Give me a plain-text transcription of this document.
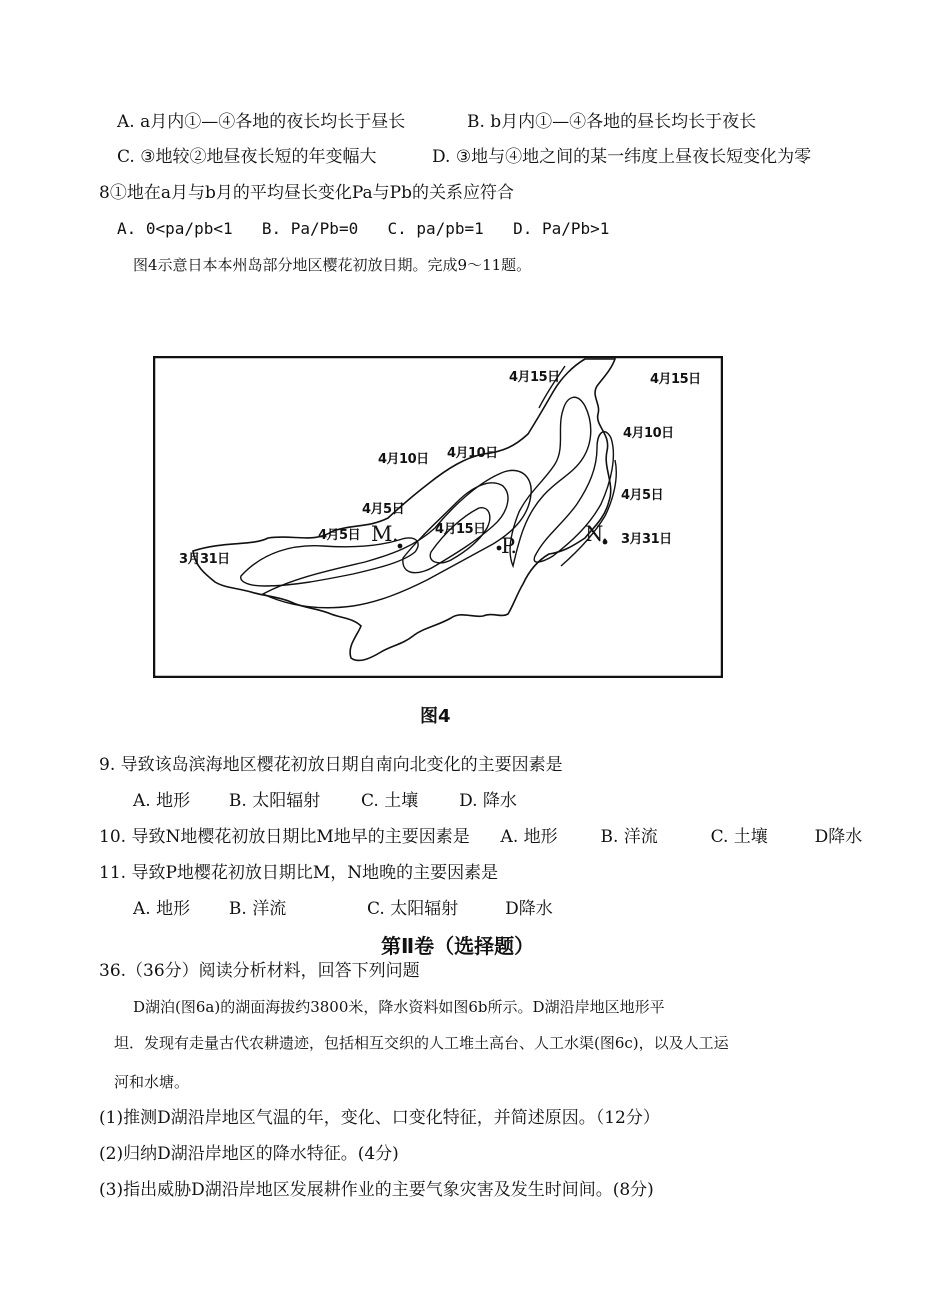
A. a月内①—④各地的夜长均长于昼长	B. b月内①—④各地的昼长均长于夜长
C. ③地较②地昼夜长短的年变幅大	D. ③地与④地之间的某一纬度上昼夜长短变化为零
8①地在a月与b月的平均昼长变化Pa与Pb的关系应符合
A. 0<pa/pb<1 B. Pa/Pb=0 C. pa/pb=1 D. Pa/Pb>1
图4示意日本本州岛部分地区樱花初放日期。完成9～11题。
4月15日	4月15日
4月10日
4月10日 4月10日
4月5日
4月5日
4月5日	4月15日
3月31日
3月31日
M.	P.	N.
图4
9. 导致该岛滨海地区樱花初放日期自南向北变化的主要因素是
A. 地形 B. 太阳辐射 C. 土壤 D. 降水
10. 导致N地樱花初放日期比M地早的主要因素是 A. 地形	B. 洋流	C. 土壤	D降水
11. 导致P地樱花初放日期比M，N地晚的主要因素是
A. 地形 B. 洋流	C. 太阳辐射	D降水
第Ⅱ卷（选择题）
36.（36分）阅读分析材料，回答下列问题
D湖泊(图6a)的湖面海拔约3800米，降水资料如图6b所示。D湖沿岸地区地形平
坦．发现有走量古代农耕遗迹，包括相互交织的人工堆土高台、人工水渠(图6c)，以及人工运
河和水塘。
(1)推测D湖沿岸地区气温的年，变化、口变化特征，并简述原因。（12分）
(2)归纳D湖沿岸地区的降水特征。(4分)
(3)指出威胁D湖沿岸地区发展耕作业的主要气象灾害及发生时间间。(8分)
